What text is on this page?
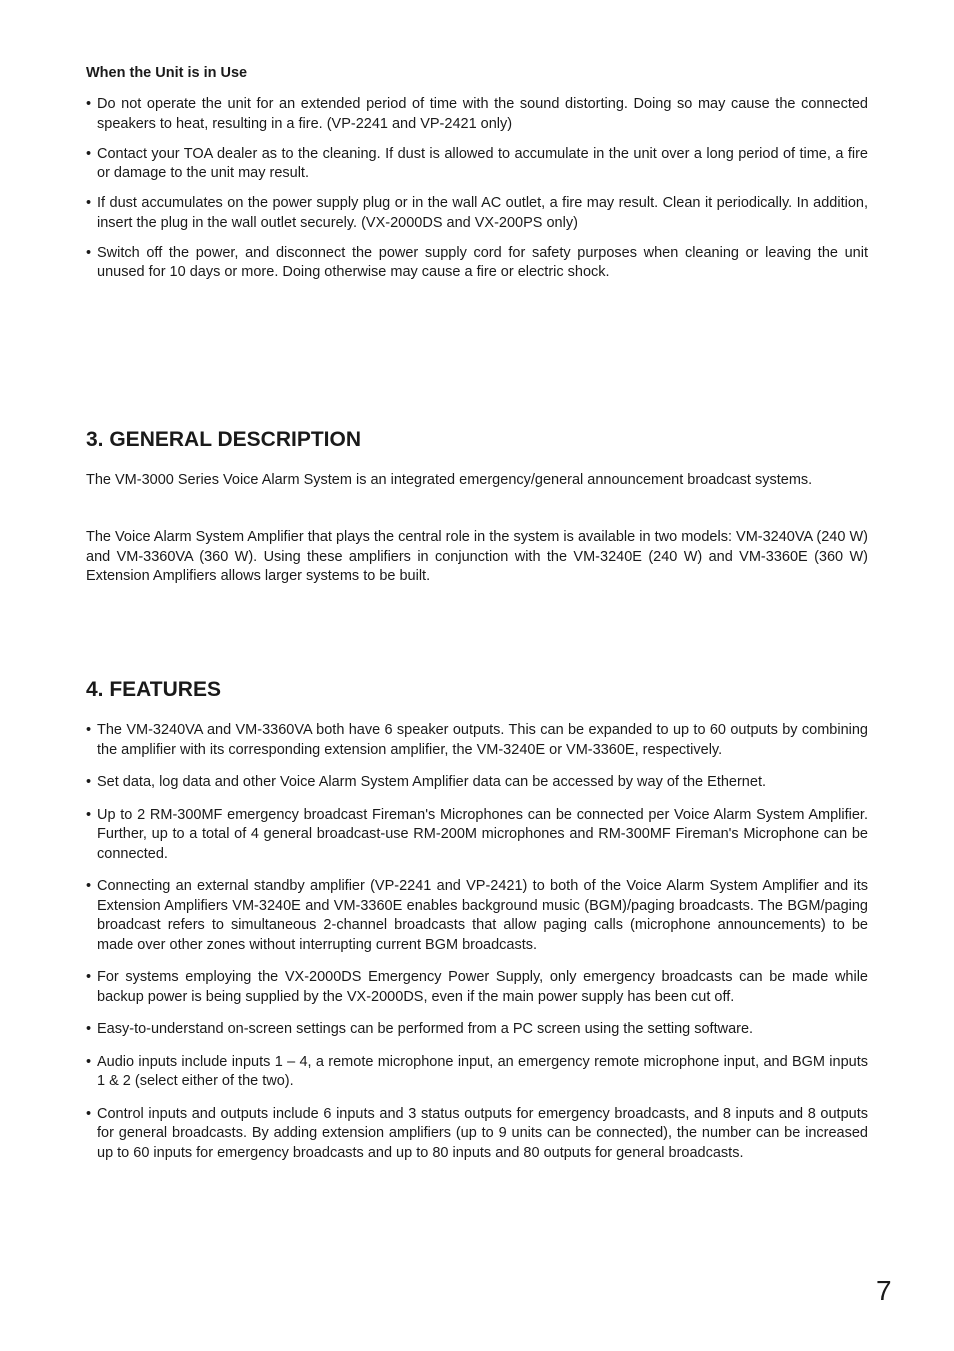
When the Unit is in Use
• Do not operate the unit for an extended period of time with the sound distorting. Doing so may cause the connected speakers to heat, resulting in a fire. (VP-2241 and VP-2421 only)
• Contact your TOA dealer as to the cleaning. If dust is allowed to accumulate in the unit over a long period of time, a fire or damage to the unit may result.
• If dust accumulates on the power supply plug or in the wall AC outlet, a fire may result. Clean it periodically. In addition, insert the plug in the wall outlet securely. (VX-2000DS and VX-200PS only)
• Switch off the power, and disconnect the power supply cord for safety purposes when cleaning or leaving the unit unused for 10 days or more. Doing otherwise may cause a fire or electric shock.
3. GENERAL DESCRIPTION

The VM-3000 Series Voice Alarm System is an integrated emergency/general announcement broadcast systems.

The Voice Alarm System Amplifier that plays the central role in the system is available in two models: VM-3240VA (240 W) and VM-3360VA (360 W). Using these amplifiers in conjunction with the VM-3240E (240 W) and VM-3360E (360 W) Extension Amplifiers allows larger systems to be built.

4. FEATURES
• The VM-3240VA and VM-3360VA both have 6 speaker outputs. This can be expanded to up to 60 outputs by combining the amplifier with its corresponding extension amplifier, the VM-3240E or VM-3360E, respectively.
• Set data, log data and other Voice Alarm System Amplifier data can be accessed by way of the Ethernet.
• Up to 2 RM-300MF emergency broadcast Fireman's Microphones can be connected per Voice Alarm System Amplifier. Further, up to a total of 4 general broadcast-use RM-200M microphones and RM-300MF Fireman's Microphone can be connected.
• Connecting an external standby amplifier (VP-2241 and VP-2421) to both of the Voice Alarm System Amplifier and its Extension Amplifiers VM-3240E and VM-3360E enables background music (BGM)/paging broadcasts. The BGM/paging broadcast refers to simultaneous 2-channel broadcasts that allow paging calls (microphone announcements) to be made over other zones without interrupting current BGM broadcasts.
• For systems employing the VX-2000DS Emergency Power Supply, only emergency broadcasts can be made while backup power is being supplied by the VX-2000DS, even if the main power supply has been cut off.
• Easy-to-understand on-screen settings can be performed from a PC screen using the setting software.
• Audio inputs include inputs 1 – 4, a remote microphone input, an emergency remote microphone input, and BGM inputs 1 & 2 (select either of the two).
• Control inputs and outputs include 6 inputs and 3 status outputs for emergency broadcasts, and 8 inputs and 8 outputs for general broadcasts. By adding extension amplifiers (up to 9 units can be connected), the number can be increased up to 60 inputs for emergency broadcasts and up to 80 inputs and 80 outputs for general broadcasts.
7
